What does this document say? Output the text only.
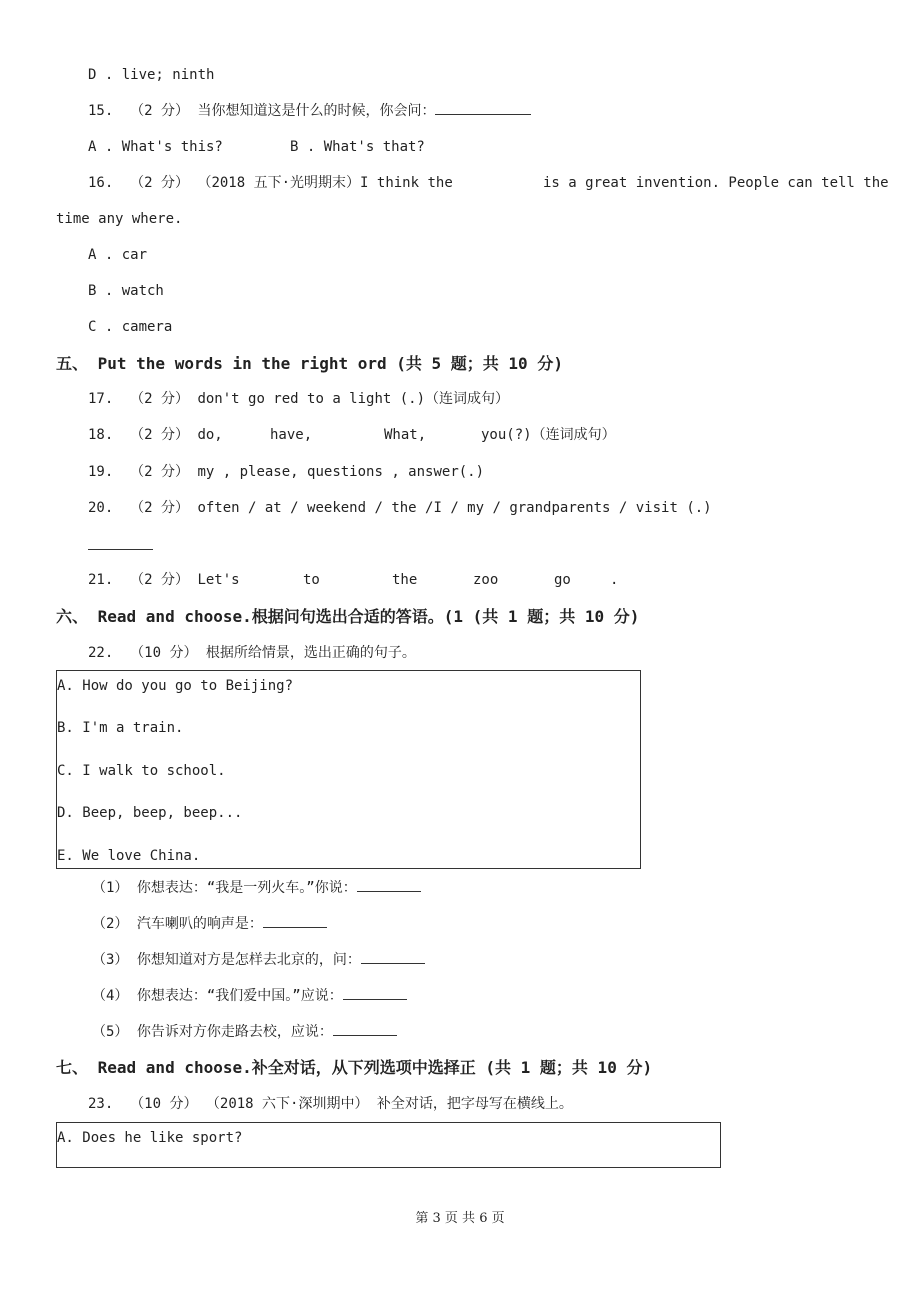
D . live; ninth
15. （2 分） 当你想知道这是什么的时候，你会问：
A . What's this?	B . What's that?
16. （2 分） （2018 五下·光明期末）I think the	is a great invention. People can tell the
time any where.
A . car
B . watch
C . camera
五、 Put the words in the right ord (共 5 题；共 10 分)
17. （2 分） don't go red to a light (.)（连词成句）
18. （2 分） do,	have,	What,	you(?)（连词成句）
19. （2 分） my , please, questions , answer(.)
20. （2 分） often / at / weekend / the /I / my / grandparents / visit (.)
21. （2 分） Let's	to	the	zoo	go	.
六、 Read and choose.根据问句选出合适的答语。(1 (共 1 题；共 10 分)
22. （10 分） 根据所给情景，选出正确的句子。
A. How do you go to Beijing?
B. I'm a train.
C. I walk to school.
D. Beep, beep, beep...
E. We love China.
（1） 你想表达：“我是一列火车。”你说：
（2） 汽车喇叭的响声是：
（3） 你想知道对方是怎样去北京的，问：
（4） 你想表达：“我们爱中国。”应说：
（5） 你告诉对方你走路去校，应说：
七、 Read and choose.补全对话，从下列选项中选择正 (共 1 题；共 10 分)
23. （10 分） （2018 六下·深圳期中） 补全对话，把字母写在横线上。
A. Does he like sport?
第 3 页 共 6 页
